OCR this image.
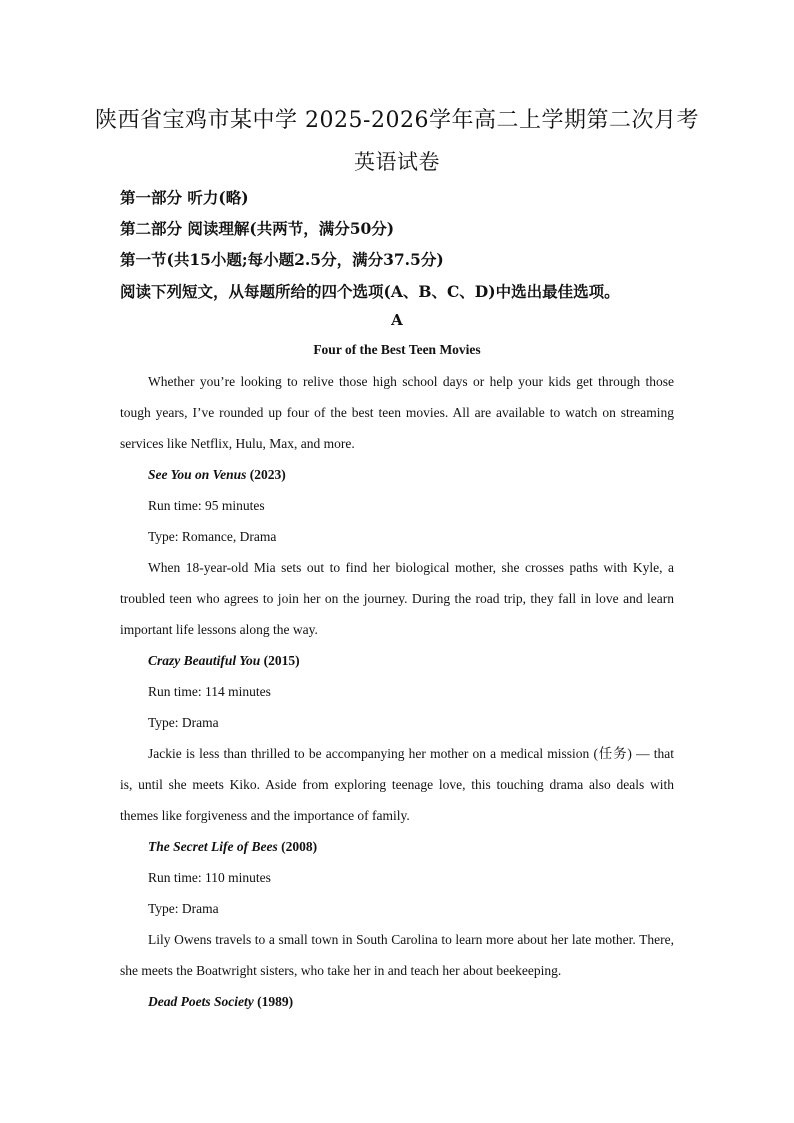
陕西省宝鸡市某中学 2025-2026学年高二上学期第二次月考
英语试卷
第一部分 听力(略)
第二部分 阅读理解(共两节，满分50分)
第一节(共15小题;每小题2.5分，满分37.5分)
阅读下列短文，从每题所给的四个选项(A、B、C、D)中选出最佳选项。
A
Four of the Best Teen Movies

Whether you’re looking to relive those high school days or help your kids get through those tough years, I’ve rounded up four of the best teen movies. All are available to watch on streaming services like Netflix, Hulu, Max, and more.

See You on Venus (2023)

Run time: 95 minutes

Type: Romance, Drama

When 18-year-old Mia sets out to find her biological mother, she crosses paths with Kyle, a troubled teen who agrees to join her on the journey. During the road trip, they fall in love and learn important life lessons along the way.

Crazy Beautiful You (2015)

Run time: 114 minutes

Type: Drama

Jackie is less than thrilled to be accompanying her mother on a medical mission (任务) — that is, until she meets Kiko. Aside from exploring teenage love, this touching drama also deals with themes like forgiveness and the importance of family.

The Secret Life of Bees (2008)

Run time: 110 minutes

Type: Drama

Lily Owens travels to a small town in South Carolina to learn more about her late mother. There, she meets the Boatwright sisters, who take her in and teach her about beekeeping.

Dead Poets Society (1989)
